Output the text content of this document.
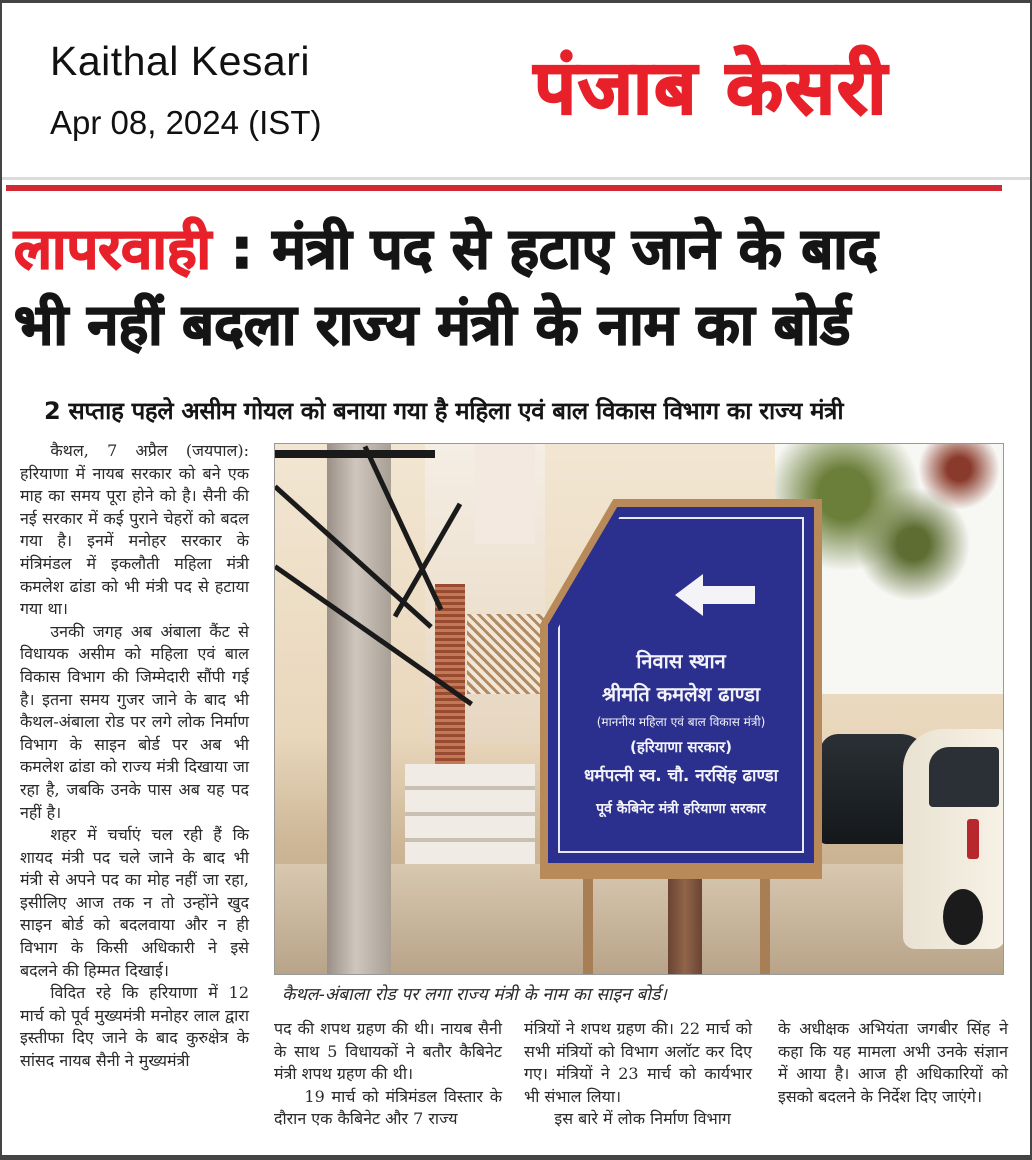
Kaithal Kesari
Apr 08, 2024 (IST)	पंजाब केसरी
लापरवाही : मंत्री पद से हटाए जाने के बाद
भी नहीं बदला राज्य मंत्री के नाम का बोर्ड
2 सप्ताह पहले असीम गोयल को बनाया गया है महिला एवं बाल विकास विभाग का राज्य मंत्री

कैथल, 7 अप्रैल (जयपाल): हरियाणा में नायब सरकार को बने एक माह का समय पूरा होने को है। सैनी की नई सरकार में कई पुराने चेहरों को बदल गया है। इनमें मनोहर सरकार के मंत्रिमंडल में इकलौती महिला मंत्री कमलेश ढांडा को भी मंत्री पद से हटाया गया था।

उनकी जगह अब अंबाला कैंट से विधायक असीम को महिला एवं बाल विकास विभाग की जिम्मेदारी सौंपी गई है। इतना समय गुजर जाने के बाद भी कैथल-अंबाला रोड पर लगे लोक निर्माण विभाग के साइन बोर्ड पर अब भी कमलेश ढांडा को राज्य मंत्री दिखाया जा रहा है, जबकि उनके पास अब यह पद नहीं है।

शहर में चर्चाएं चल रही हैं कि शायद मंत्री पद चले जाने के बाद भी मंत्री से अपने पद का मोह नहीं जा रहा, इसीलिए आज तक न तो उन्होंने खुद साइन बोर्ड को बदलवाया और न ही विभाग के किसी अधिकारी ने इसे बदलने की हिम्मत दिखाई।

विदित रहे कि हरियाणा में 12 मार्च को पूर्व मुख्यमंत्री मनोहर लाल द्वारा इस्तीफा दिए जाने के बाद कुरुक्षेत्र के सांसद नायब सैनी ने मुख्यमंत्री

निवास स्थान
श्रीमति कमलेश ढाण्डा
(माननीय महिला एवं बाल विकास मंत्री)
(हरियाणा सरकार)
धर्मपत्नी स्व. चौ. नरसिंह ढाण्डा
पूर्व कैबिनेट मंत्री हरियाणा सरकार
कैथल-अंबाला रोड पर लगा राज्य मंत्री के नाम का साइन बोर्ड।

पद की शपथ ग्रहण की थी। नायब सैनी के साथ 5 विधायकों ने बतौर कैबिनेट मंत्री शपथ ग्रहण की थी।

19 मार्च को मंत्रिमंडल विस्तार के दौरान एक कैबिनेट और 7 राज्य

मंत्रियों ने शपथ ग्रहण की। 22 मार्च को सभी मंत्रियों को विभाग अलॉट कर दिए गए। मंत्रियों ने 23 मार्च को कार्यभार भी संभाल लिया।

इस बारे में लोक निर्माण विभाग

के अधीक्षक अभियंता जगबीर सिंह ने कहा कि यह मामला अभी उनके संज्ञान में आया है। आज ही अधिकारियों को इसको बदलने के निर्देश दिए जाएंगे।
